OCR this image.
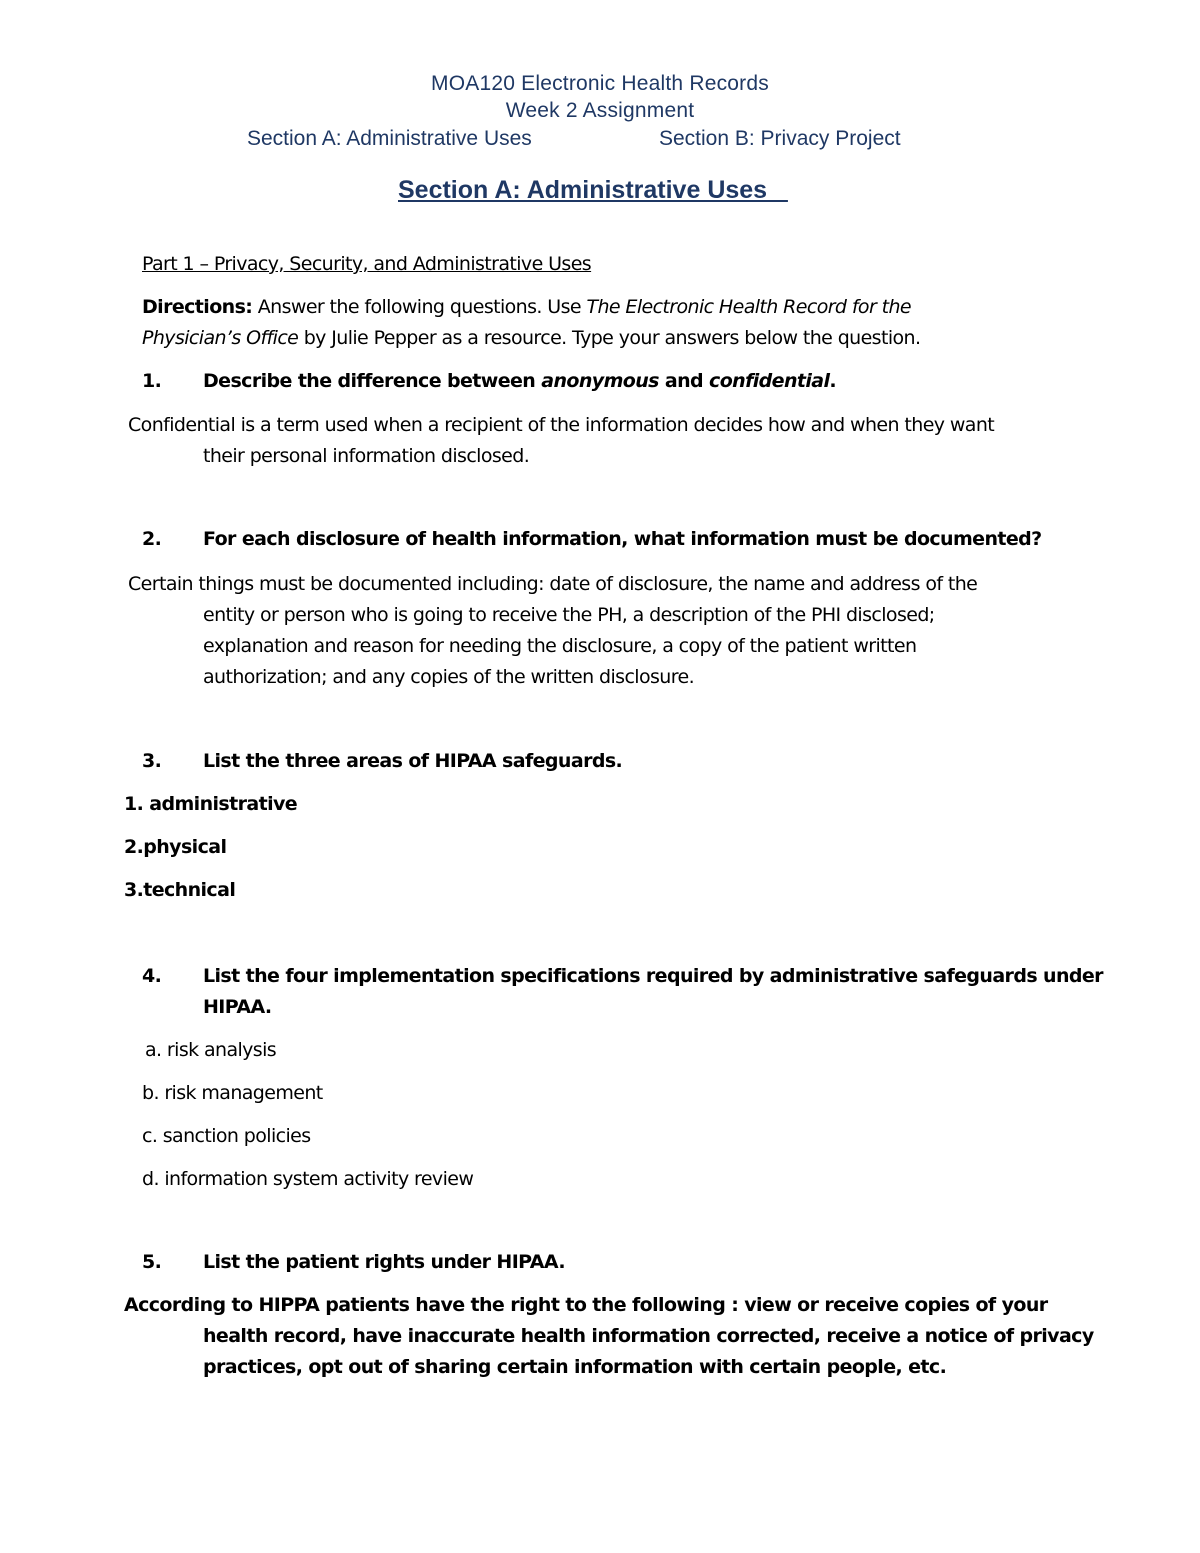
MOA120 Electronic Health Records
Week 2 Assignment
Section A: Administrative Uses	Section B: Privacy Project
Section A: Administrative Uses
Part 1 – Privacy, Security, and Administrative Uses
Directions: Answer the following questions. Use The Electronic Health Record for the
Physician’s Office by Julie Pepper as a resource. Type your answers below the question.
1. Describe the difference between anonymous and confidential.
Confidential is a term used when a recipient of the information decides how and when they want
their personal information disclosed.
2. For each disclosure of health information, what information must be documented?
Certain things must be documented including: date of disclosure, the name and address of the
entity or person who is going to receive the PH, a description of the PHI disclosed;
explanation and reason for needing the disclosure, a copy of the patient written
authorization; and any copies of the written disclosure.
3. List the three areas of HIPAA safeguards.
1. administrative
2.physical
3.technical
4. List the four implementation specifications required by administrative safeguards under
HIPAA.
a. risk analysis
b. risk management
c. sanction policies
d. information system activity review
5. List the patient rights under HIPAA.
According to HIPPA patients have the right to the following : view or receive copies of your
health record, have inaccurate health information corrected, receive a notice of privacy
practices, opt out of sharing certain information with certain people, etc.
